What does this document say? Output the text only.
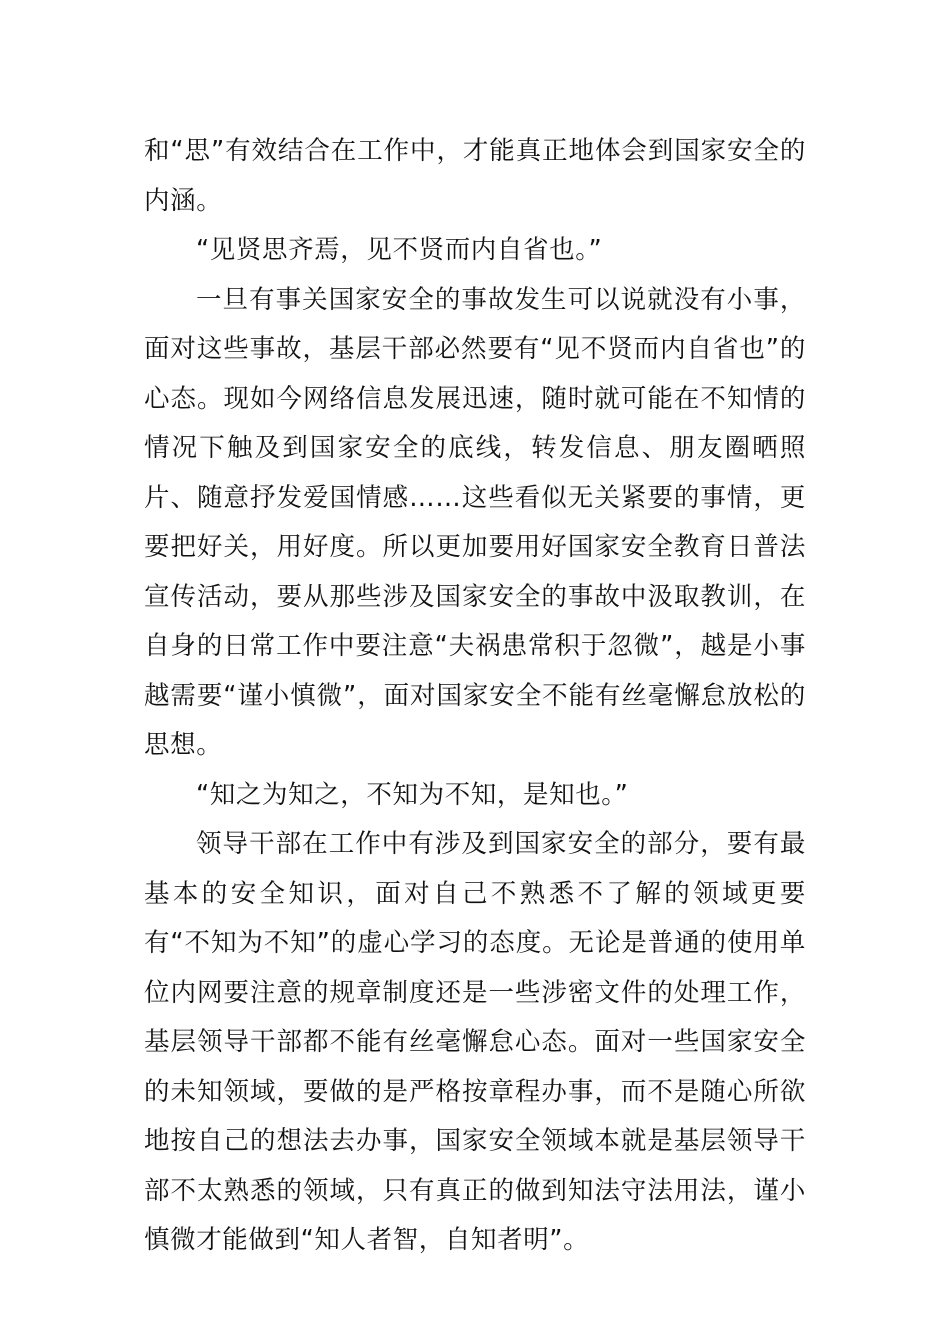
和“思”有效结合在工作中，才能真正地体会到国家安全的内涵。

“见贤思齐焉，见不贤而内自省也。”

一旦有事关国家安全的事故发生可以说就没有小事，面对这些事故，基层干部必然要有“见不贤而内自省也”的心态。现如今网络信息发展迅速，随时就可能在不知情的情况下触及到国家安全的底线，转发信息、朋友圈晒照片、随意抒发爱国情感……这些看似无关紧要的事情，更要把好关，用好度。所以更加要用好国家安全教育日普法宣传活动，要从那些涉及国家安全的事故中汲取教训，在自身的日常工作中要注意“夫祸患常积于忽微”，越是小事越需要“谨小慎微”，面对国家安全不能有丝毫懈怠放松的思想。

“知之为知之，不知为不知，是知也。”

领导干部在工作中有涉及到国家安全的部分，要有最基本的安全知识，面对自己不熟悉不了解的领域更要有“不知为不知”的虚心学习的态度。无论是普通的使用单位内网要注意的规章制度还是一些涉密文件的处理工作，基层领导干部都不能有丝毫懈怠心态。面对一些国家安全的未知领域，要做的是严格按章程办事，而不是随心所欲地按自己的想法去办事，国家安全领域本就是基层领导干部不太熟悉的领域，只有真正的做到知法守法用法，谨小慎微才能做到“知人者智，自知者明”。
